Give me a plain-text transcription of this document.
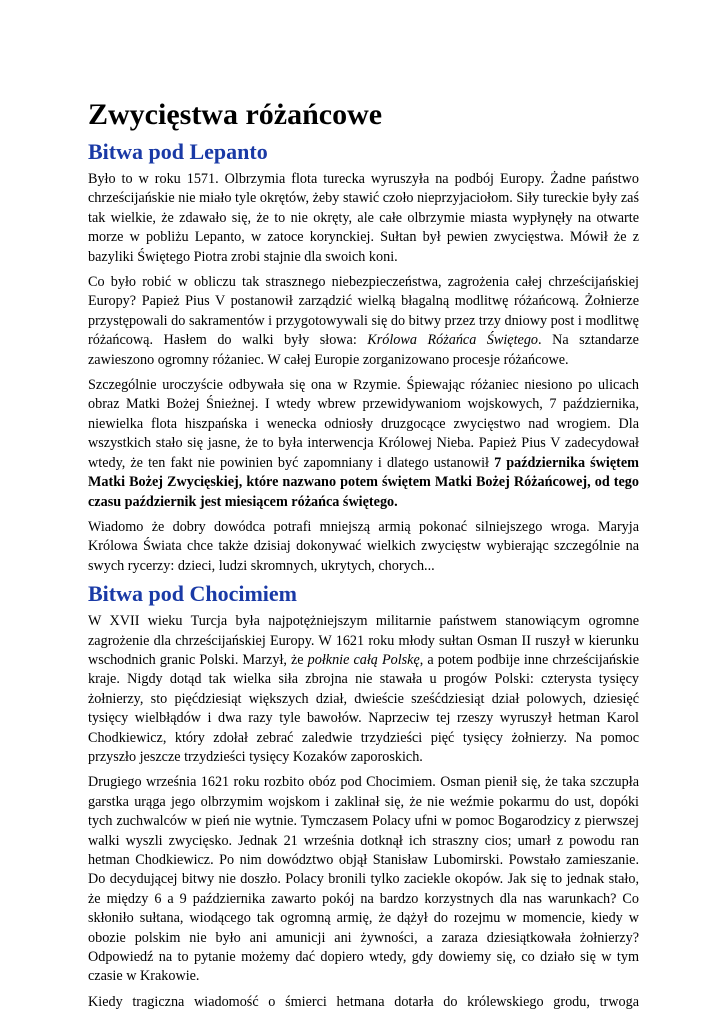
Zwycięstwa różańcowe
Bitwa pod Lepanto

Było to w roku 1571. Olbrzymia flota turecka wyruszyła na podbój Europy. Żadne państwo chrześcijańskie nie miało tyle okrętów, żeby stawić czoło nieprzyjaciołom. Siły tureckie były zaś tak wielkie, że zdawało się, że to nie okręty, ale całe olbrzymie miasta wypłynęły na otwarte morze w pobliżu Lepanto, w zatoce korynckiej. Sułtan był pewien zwycięstwa. Mówił że z bazyliki Świętego Piotra zrobi stajnie dla swoich koni.

Co było robić w obliczu tak strasznego niebezpieczeństwa, zagrożenia całej chrześcijańskiej Europy? Papież Pius V postanowił zarządzić wielką błagalną modlitwę różańcową. Żołnierze przystępowali do sakramentów i przygotowywali się do bitwy przez trzy dniowy post i modlitwę różańcową. Hasłem do walki były słowa: Królowa Różańca Świętego. Na sztandarze zawieszono ogromny różaniec. W całej Europie zorganizowano procesje różańcowe.

Szczególnie uroczyście odbywała się ona w Rzymie. Śpiewając różaniec niesiono po ulicach obraz Matki Bożej Śnieżnej. I wtedy wbrew przewidywaniom wojskowych, 7 października, niewielka flota hiszpańska i wenecka odniosły druzgocące zwycięstwo nad wrogiem. Dla wszystkich stało się jasne, że to była interwencja Królowej Nieba. Papież Pius V zadecydował wtedy, że ten fakt nie powinien być zapomniany i dlatego ustanowił 7 października świętem Matki Bożej Zwycięskiej, które nazwano potem świętem Matki Bożej Różańcowej, od tego czasu październik jest miesiącem różańca świętego.

Wiadomo że dobry dowódca potrafi mniejszą armią pokonać silniejszego wroga. Maryja Królowa Świata chce także dzisiaj dokonywać wielkich zwycięstw wybierając szczególnie na swych rycerzy: dzieci, ludzi skromnych, ukrytych, chorych...

Bitwa pod Chocimiem

W XVII wieku Turcja była najpotężniejszym militarnie państwem stanowiącym ogromne zagrożenie dla chrześcijańskiej Europy. W 1621 roku młody sułtan Osman II ruszył w kierunku wschodnich granic Polski. Marzył, że połknie całą Polskę, a potem podbije inne chrześcijańskie kraje. Nigdy dotąd tak wielka siła zbrojna nie stawała u progów Polski: czterysta tysięcy żołnierzy, sto pięćdziesiąt większych dział, dwieście sześćdziesiąt dział polowych, dziesięć tysięcy wielbłądów i dwa razy tyle bawołów. Naprzeciw tej rzeszy wyruszył hetman Karol Chodkiewicz, który zdołał zebrać zaledwie trzydzieści pięć tysięcy żołnierzy. Na pomoc przyszło jeszcze trzydzieści tysięcy Kozaków zaporoskich.

Drugiego września 1621 roku rozbito obóz pod Chocimiem. Osman pienił się, że taka szczupła garstka urąga jego olbrzymim wojskom i zaklinał się, że nie weźmie pokarmu do ust, dopóki tych zuchwalców w pień nie wytnie. Tymczasem Polacy ufni w pomoc Bogarodzicy z pierwszej walki wyszli zwycięsko. Jednak 21 września dotknął ich straszny cios; umarł z powodu ran hetman Chodkiewicz. Po nim dowództwo objął Stanisław Lubomirski. Powstało zamieszanie. Do decydującej bitwy nie doszło. Polacy bronili tylko zaciekle okopów. Jak się to jednak stało, że między 6 a 9 października zawarto pokój na bardzo korzystnych dla nas warunkach? Co skłoniło sułtana, wiodącego tak ogromną armię, że dążył do rozejmu w momencie, kiedy w obozie polskim nie było ani amunicji ani żywności, a zaraza dziesiątkowała żołnierzy? Odpowiedź na to pytanie możemy dać dopiero wtedy, gdy dowiemy się, co działo się w tym czasie w Krakowie.

Kiedy tragiczna wiadomość o śmierci hetmana dotarła do królewskiego grodu, trwoga
